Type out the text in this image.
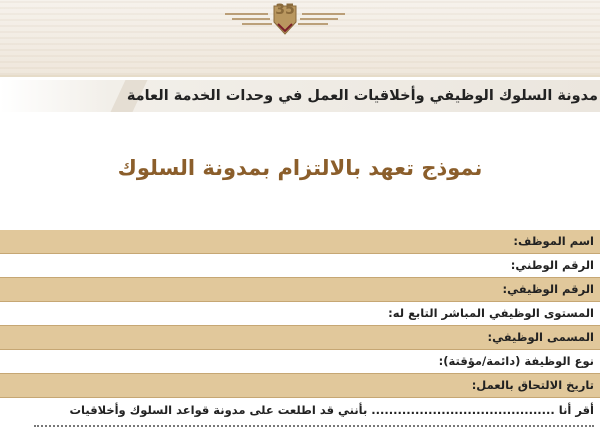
35
مدونة السلوك الوظيفي وأخلاقيات العمل في وحدات الخدمة العامة
نموذج تعهد بالالتزام بمدونة السلوك
اسم الموظف:
الرقم الوطني:
الرقم الوظيفي:
المستوى الوظيفي المباشر التابع له:
المسمى الوظيفي:
نوع الوظيفة (دائمة/مؤقتة):
تاريخ الالتحاق بالعمل:
أقر أنا .......................................... بأنني قد اطلعت على مدونة قواعد السلوك وأخلاقيات
